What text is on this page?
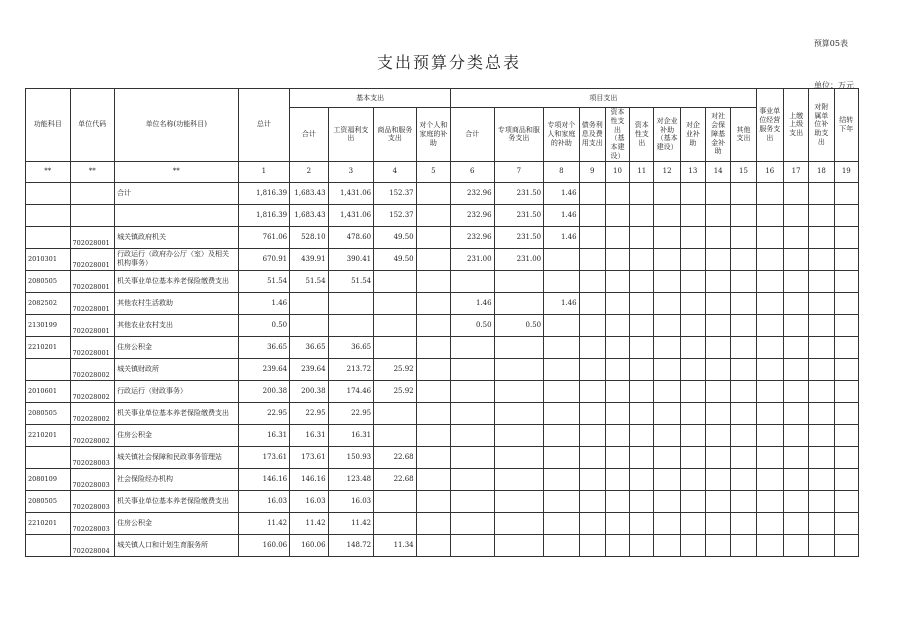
预算05表
支出预算分类总表
单位：万元
功能科目	单位代码	单位名称(功能科目)	总计	基本支出				项目支出										事业单位经营服务支出	上缴上级支出	对附属单位补助支出	结转下年
				合计	工资福利支出	商品和服务支出	对个人和家庭的补助	合计	专项商品和服务支出	专项对个人和家庭的补助	债务利息及费用支出	资本性支出（基本建设）	资本性支出	对企业补助（基本建设）	对企业补助	对社会保障基金补助	其他支出				
**	**	**	1	2	3	4	5	6	7	8	9	10	11	12	13	14	15	16	17	18	19
		合计	1,816.39	1,683.43	1,431.06	152.37		232.96	231.50	1.46											
			1,816.39	1,683.43	1,431.06	152.37		232.96	231.50	1.46											
	702028001	城关镇政府机关	761.06	528.10	478.60	49.50		232.96	231.50	1.46											
2010301	702028001	行政运行（政府办公厅（室）及相关机构事务）	670.91	439.91	390.41	49.50		231.00	231.00												
2080505	702028001	机关事业单位基本养老保险缴费支出	51.54	51.54	51.54																
2082502	702028001	其他农村生活救助	1.46					1.46		1.46											
2130199	702028001	其他农业农村支出	0.50					0.50	0.50												
2210201	702028001	住房公积金	36.65	36.65	36.65																
	702028002	城关镇财政所	239.64	239.64	213.72	25.92															
2010601	702028002	行政运行（财政事务）	200.38	200.38	174.46	25.92															
2080505	702028002	机关事业单位基本养老保险缴费支出	22.95	22.95	22.95																
2210201	702028002	住房公积金	16.31	16.31	16.31																
	702028003	城关镇社会保障和民政事务管理站	173.61	173.61	150.93	22.68															
2080109	702028003	社会保险经办机构	146.16	146.16	123.48	22.68															
2080505	702028003	机关事业单位基本养老保险缴费支出	16.03	16.03	16.03																
2210201	702028003	住房公积金	11.42	11.42	11.42																
	702028004	城关镇人口和计划生育服务所	160.06	160.06	148.72	11.34															
